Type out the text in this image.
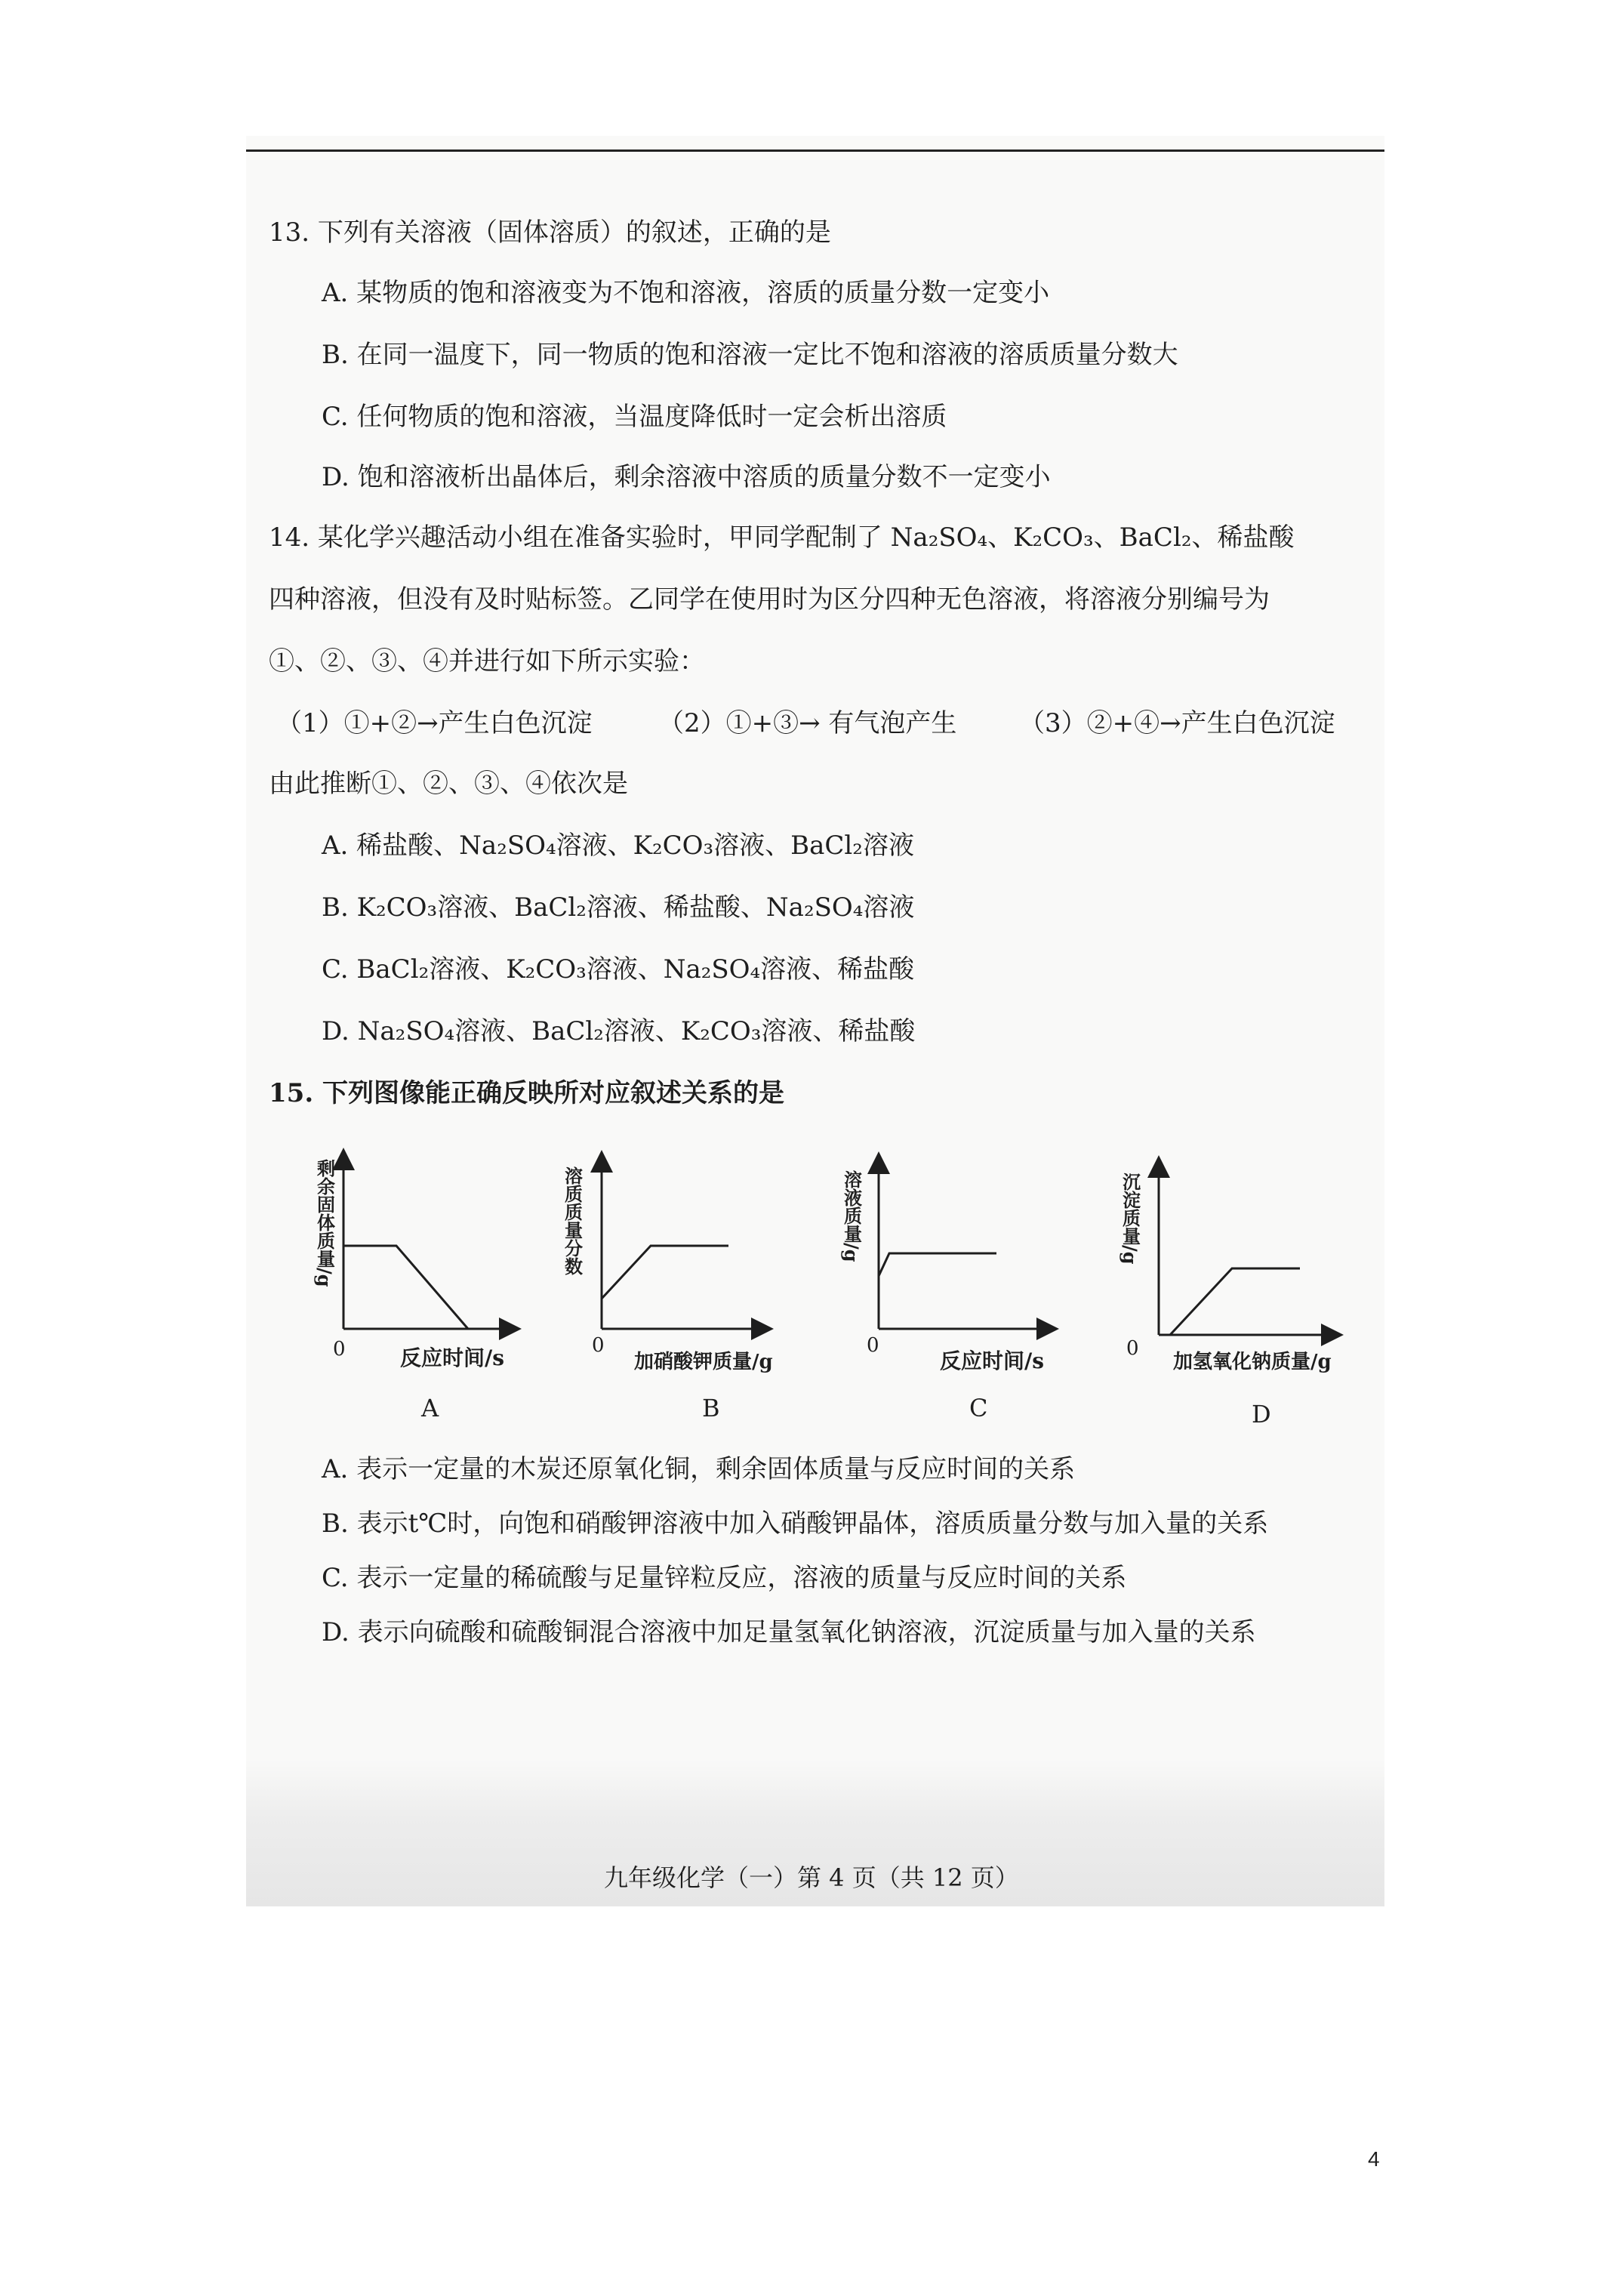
13. 下列有关溶液（固体溶质）的叙述，正确的是
A. 某物质的饱和溶液变为不饱和溶液，溶质的质量分数一定变小
B. 在同一温度下，同一物质的饱和溶液一定比不饱和溶液的溶质质量分数大
C. 任何物质的饱和溶液，当温度降低时一定会析出溶质
D. 饱和溶液析出晶体后，剩余溶液中溶质的质量分数不一定变小
14. 某化学兴趣活动小组在准备实验时，甲同学配制了 Na₂SO₄、K₂CO₃、BaCl₂、稀盐酸
四种溶液，但没有及时贴标签。乙同学在使用时为区分四种无色溶液，将溶液分别编号为
①、②、③、④并进行如下所示实验：
（1）①+②→产生白色沉淀	（2）①+③→ 有气泡产生 （3）②+④→产生白色沉淀
由此推断①、②、③、④依次是
A. 稀盐酸、Na₂SO₄溶液、K₂CO₃溶液、BaCl₂溶液
B. K₂CO₃溶液、BaCl₂溶液、稀盐酸、Na₂SO₄溶液
C. BaCl₂溶液、K₂CO₃溶液、Na₂SO₄溶液、稀盐酸
D. Na₂SO₄溶液、BaCl₂溶液、K₂CO₃溶液、稀盐酸
15. 下列图像能正确反映所对应叙述关系的是
剩余固体质量/g
0	反应时间/s
A
溶质质量分数
0
加硝酸钾质量/g
B
溶液质量/g
0
反应时间/s
C
沉淀质量/g
0
加氢氧化钠质量/g
D
A. 表示一定量的木炭还原氧化铜，剩余固体质量与反应时间的关系
B. 表示t℃时，向饱和硝酸钾溶液中加入硝酸钾晶体，溶质质量分数与加入量的关系
C. 表示一定量的稀硫酸与足量锌粒反应，溶液的质量与反应时间的关系
D. 表示向硫酸和硫酸铜混合溶液中加足量氢氧化钠溶液，沉淀质量与加入量的关系
九年级化学（一）第 4 页（共 12 页）
4
